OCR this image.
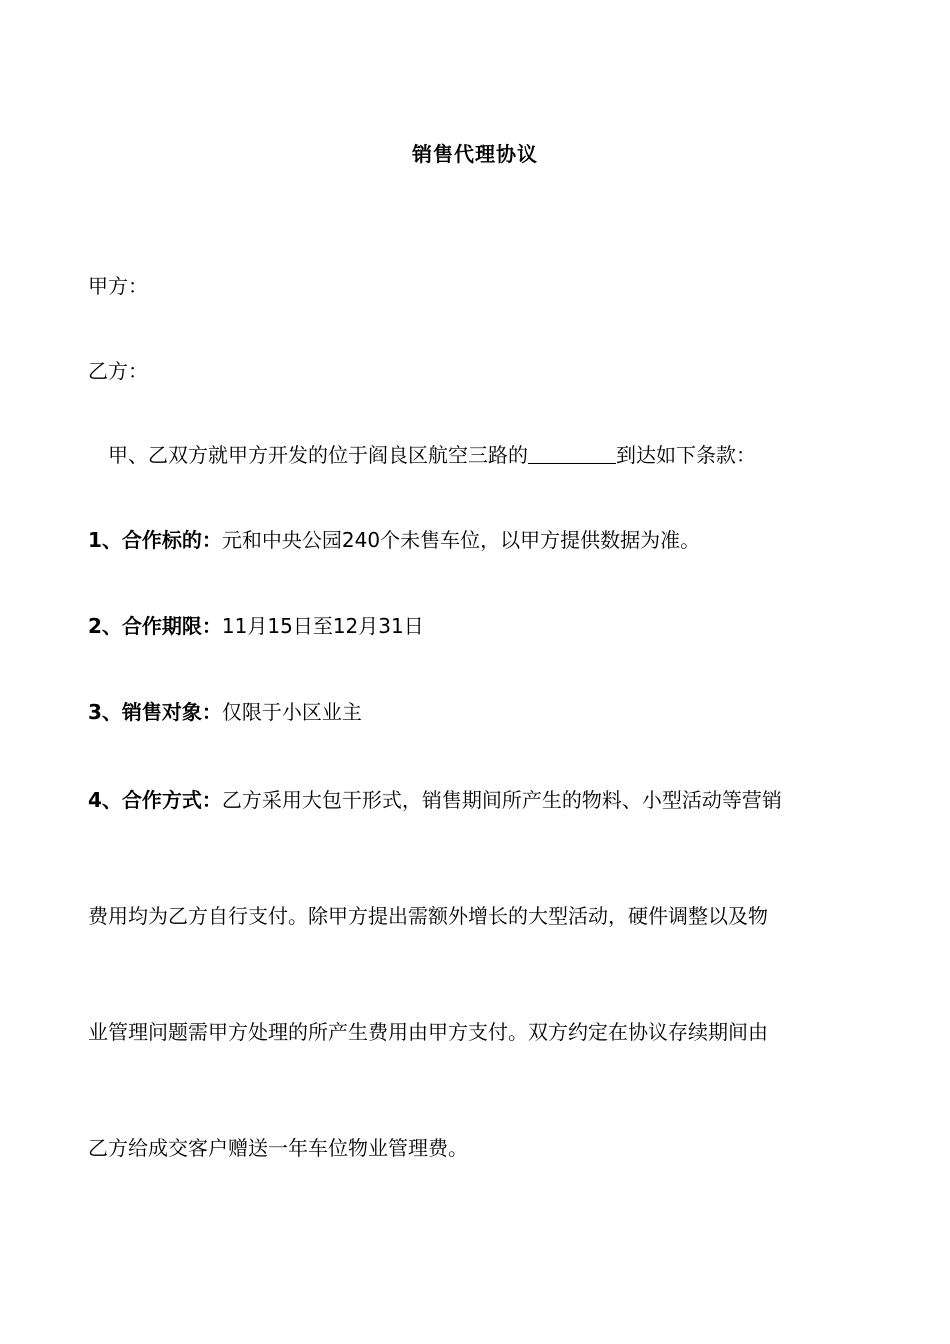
销售代理协议
甲方：
乙方：
甲、乙双方就甲方开发的位于阎良区航空三路的	到达如下条款：
1、合作标的：元和中央公园240个未售车位，以甲方提供数据为准。
2、合作期限：11月15日至12月31日
3、销售对象：仅限于小区业主
4、合作方式：乙方采用大包干形式，销售期间所产生的物料、小型活动等营销
费用均为乙方自行支付。除甲方提出需额外增长的大型活动，硬件调整以及物
业管理问题需甲方处理的所产生费用由甲方支付。双方约定在协议存续期间由
乙方给成交客户赠送一年车位物业管理费。
